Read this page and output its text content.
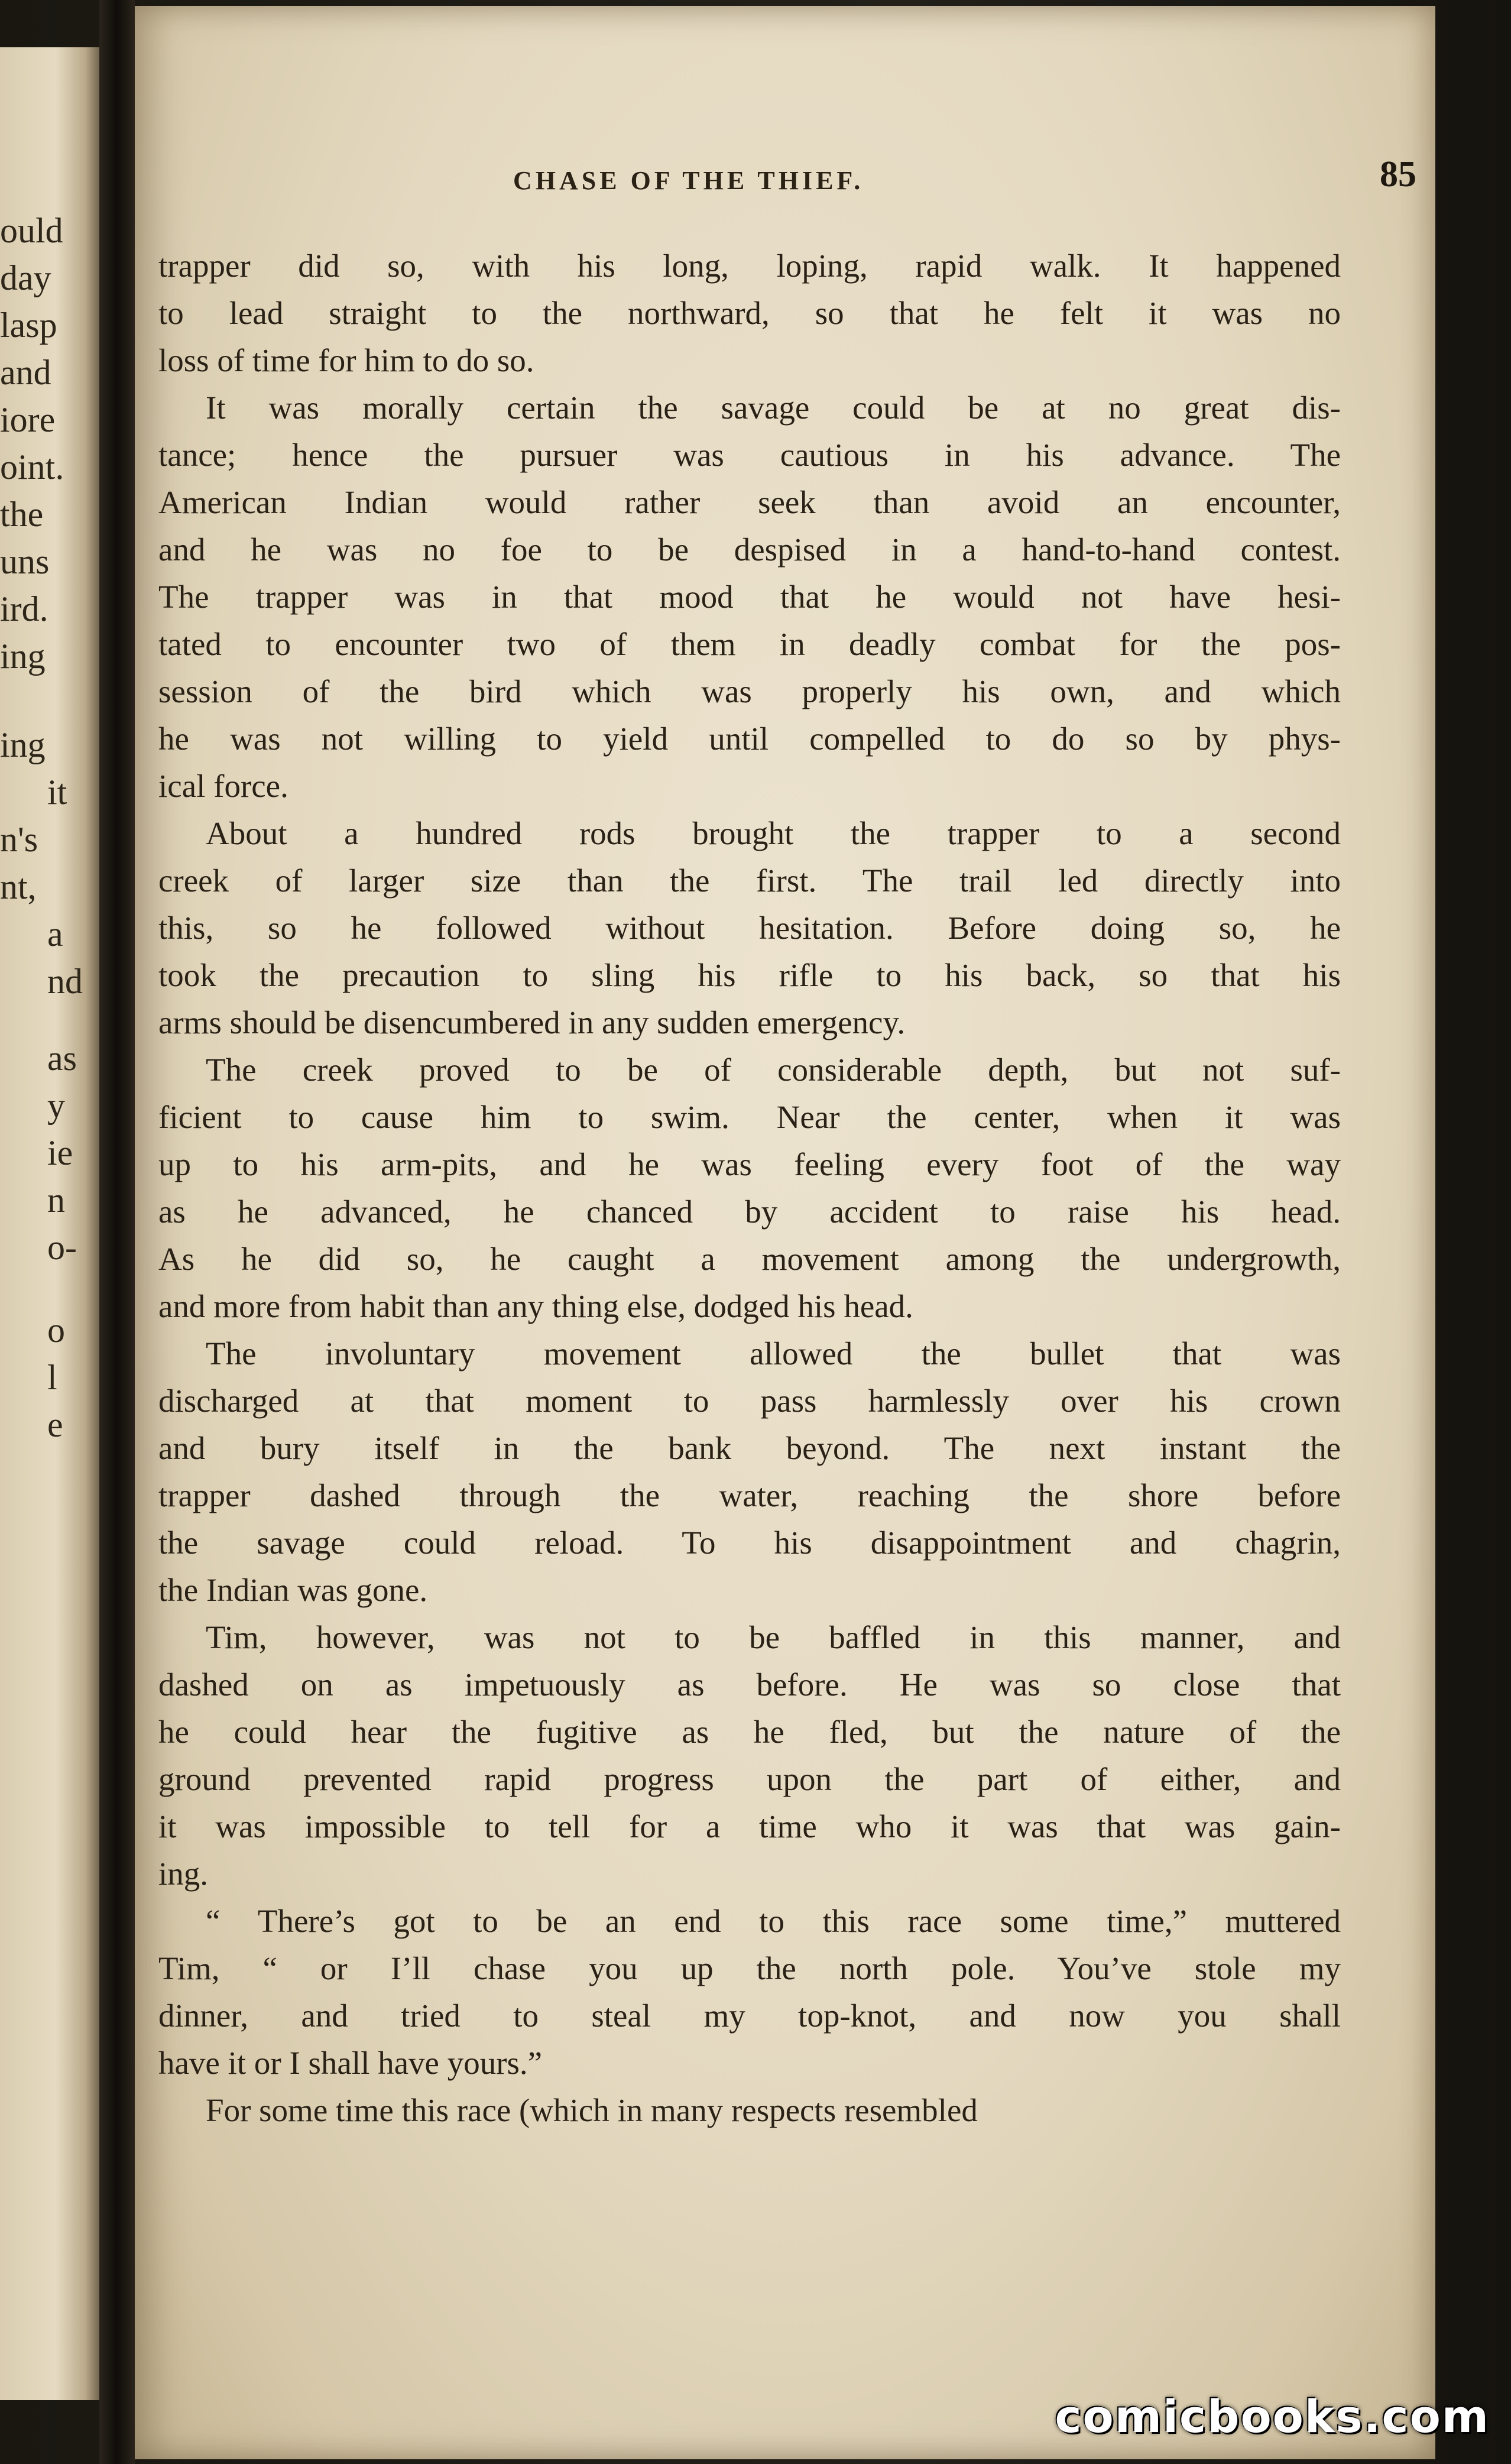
ould
day
lasp
and
iore
oint.
the
uns
ird.
ing
ing
it
n's
nt,
a
nd
as
y
ie
n
o-
o
l
e
CHASE OF THE THIEF.	85
trapper did so, with his long, loping, rapid walk. It happened
to lead straight to the northward, so that he felt it was no
loss of time for him to do so.
It was morally certain the savage could be at no great dis-
tance; hence the pursuer was cautious in his advance. The
American Indian would rather seek than avoid an encounter,
and he was no foe to be despised in a hand-to-hand contest.
The trapper was in that mood that he would not have hesi-
tated to encounter two of them in deadly combat for the pos-
session of the bird which was properly his own, and which
he was not willing to yield until compelled to do so by phys-
ical force.
About a hundred rods brought the trapper to a second
creek of larger size than the first. The trail led directly into
this, so he followed without hesitation. Before doing so, he
took the precaution to sling his rifle to his back, so that his
arms should be disencumbered in any sudden emergency.
The creek proved to be of considerable depth, but not suf-
ficient to cause him to swim. Near the center, when it was
up to his arm-pits, and he was feeling every foot of the way
as he advanced, he chanced by accident to raise his head.
As he did so, he caught a movement among the undergrowth,
and more from habit than any thing else, dodged his head.
The involuntary movement allowed the bullet that was
discharged at that moment to pass harmlessly over his crown
and bury itself in the bank beyond. The next instant the
trapper dashed through the water, reaching the shore before
the savage could reload. To his disappointment and chagrin,
the Indian was gone.
Tim, however, was not to be baffled in this manner, and
dashed on as impetuously as before. He was so close that
he could hear the fugitive as he fled, but the nature of the
ground prevented rapid progress upon the part of either, and
it was impossible to tell for a time who it was that was gain-
ing.
“ There’s got to be an end to this race some time,” muttered
Tim, “ or I’ll chase you up the north pole. You’ve stole my
dinner, and tried to steal my top-knot, and now you shall
have it or I shall have yours.”
For some time this race (which in many respects resembled
comicbooks.com
